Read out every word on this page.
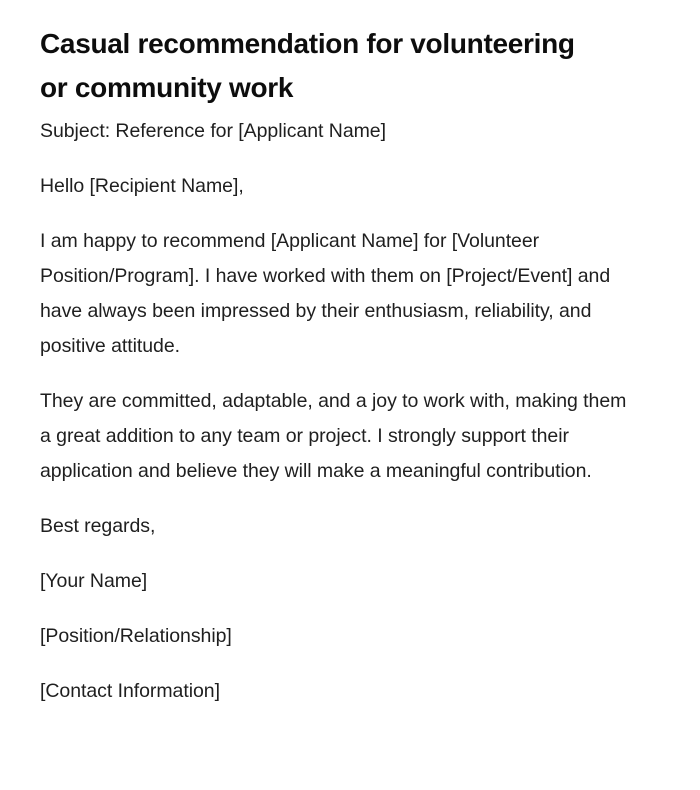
Casual recommendation for volunteering or community work

Subject: Reference for [Applicant Name]

Hello [Recipient Name],

I am happy to recommend [Applicant Name] for [Volunteer Position/Program]. I have worked with them on [Project/Event] and have always been impressed by their enthusiasm, reliability, and positive attitude.

They are committed, adaptable, and a joy to work with, making them a great addition to any team or project. I strongly support their application and believe they will make a meaningful contribution.

Best regards,

[Your Name]

[Position/Relationship]

[Contact Information]
